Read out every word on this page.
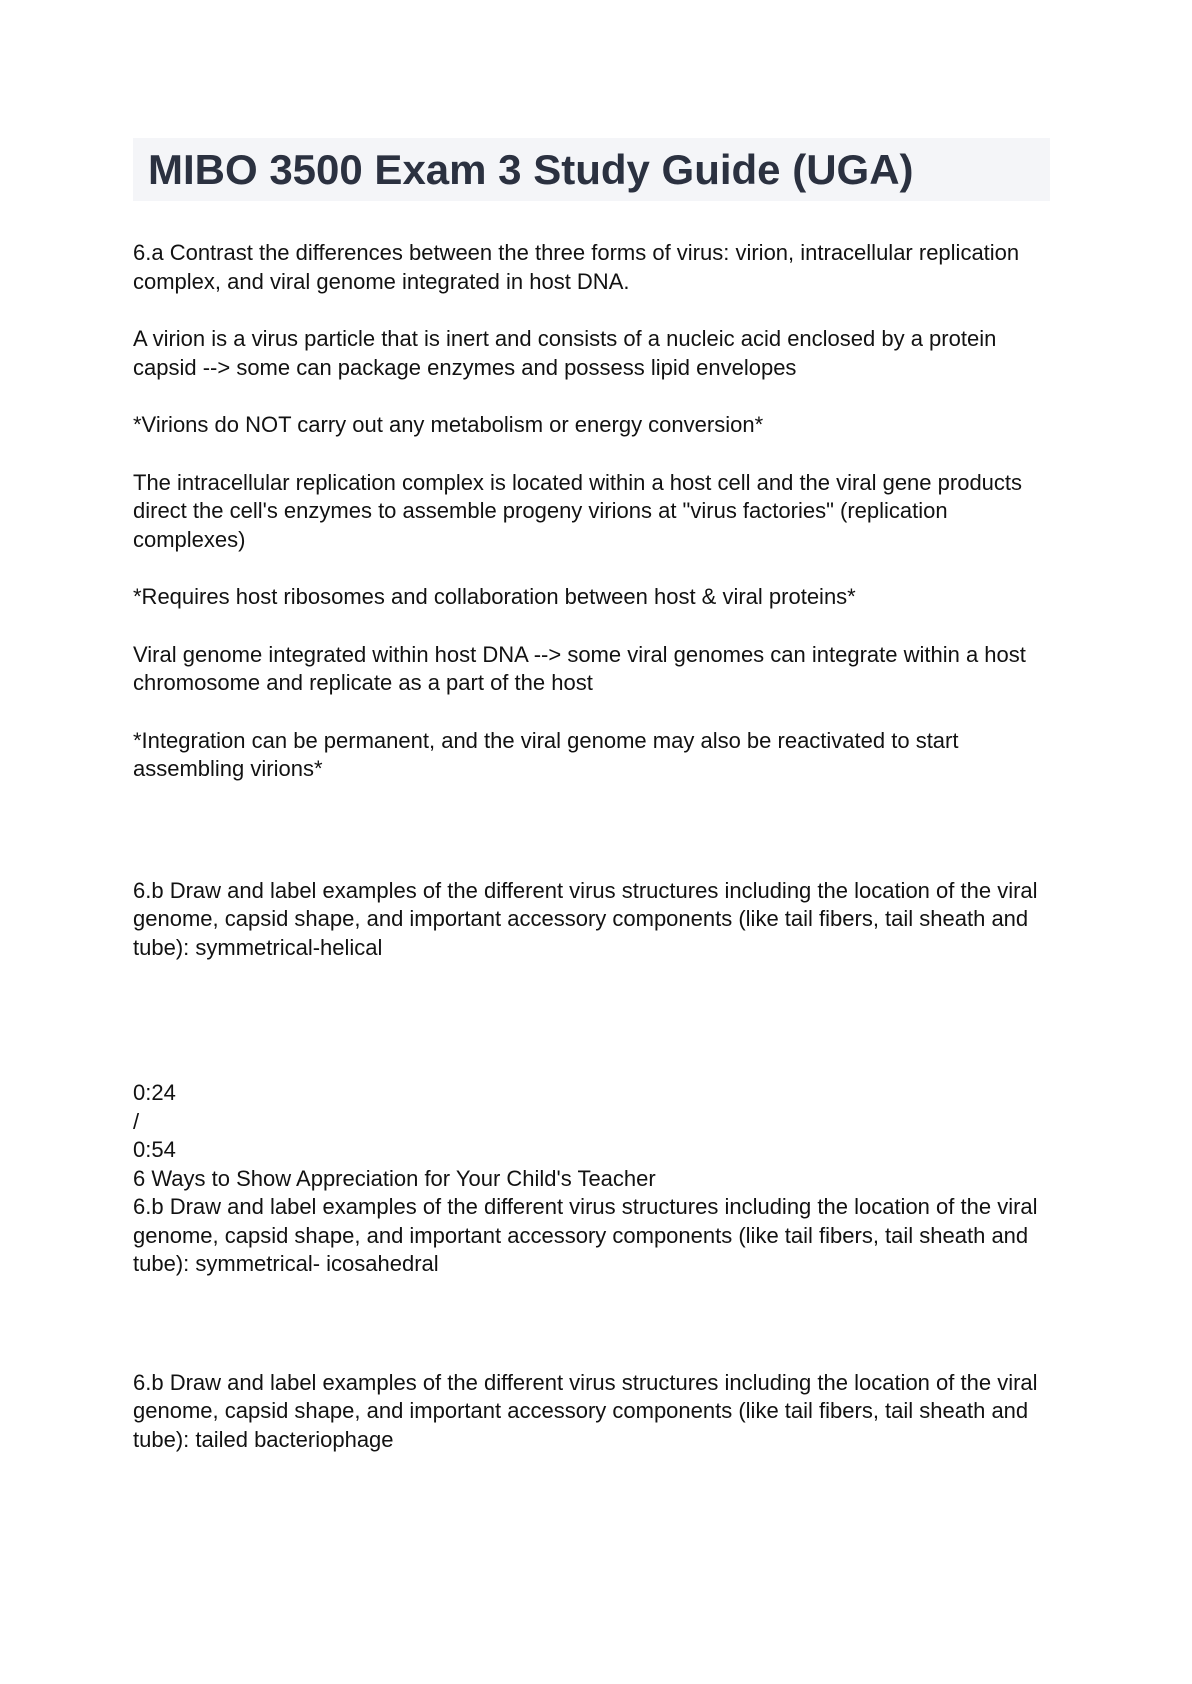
MIBO 3500 Exam 3 Study Guide (UGA)

6.a Contrast the differences between the three forms of virus: virion, intracellular replication complex, and viral genome integrated in host DNA.

A virion is a virus particle that is inert and consists of a nucleic acid enclosed by a protein capsid --> some can package enzymes and possess lipid envelopes

*Virions do NOT carry out any metabolism or energy conversion*

The intracellular replication complex is located within a host cell and the viral gene products direct the cell's enzymes to assemble progeny virions at "virus factories" (replication complexes)

*Requires host ribosomes and collaboration between host & viral proteins*

Viral genome integrated within host DNA --> some viral genomes can integrate within a host chromosome and replicate as a part of the host

*Integration can be permanent, and the viral genome may also be reactivated to start assembling virions*

6.b Draw and label examples of the different virus structures including the location of the viral genome, capsid shape, and important accessory components (like tail fibers, tail sheath and tube): symmetrical-helical

0:24

/

0:54

6 Ways to Show Appreciation for Your Child's Teacher

6.b Draw and label examples of the different virus structures including the location of the viral genome, capsid shape, and important accessory components (like tail fibers, tail sheath and tube): symmetrical- icosahedral

6.b Draw and label examples of the different virus structures including the location of the viral genome, capsid shape, and important accessory components (like tail fibers, tail sheath and tube): tailed bacteriophage
